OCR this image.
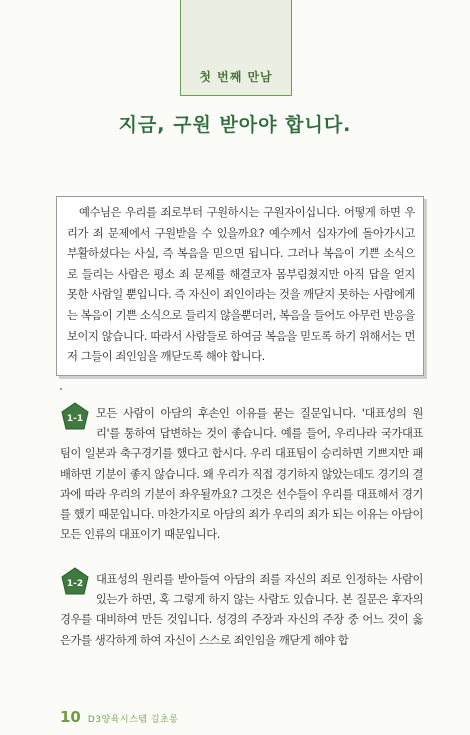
첫 번째 만남
지금, 구원 받아야 합니다.

예수님은 우리를 죄로부터 구원하시는 구원자이십니다. 어떻게 하면 우리가 죄 문제에서 구원받을 수 있을까요? 예수께서 십자가에 돌아가시고 부활하셨다는 사실, 즉 복음을 믿으면 됩니다. 그러나 복음이 기쁜 소식으로 들리는 사람은 평소 죄 문제를 해결코자 몸부림쳤지만 아직 답을 얻지 못한 사람일 뿐입니다. 즉 자신이 죄인이라는 것을 깨닫지 못하는 사람에게는 복음이 기쁜 소식으로 들리지 않을뿐더러, 복음을 들어도 아무런 반응을 보이지 않습니다. 따라서 사람들로 하여금 복음을 믿도록 하기 위해서는 먼저 그들이 죄인임을 깨닫도록 해야 합니다.

1-1	모든 사람이 아담의 후손인 이유를 묻는 질문입니다. '대표성의 원리'를 통하여 답변하는 것이 좋습니다. 예를 들어, 우리나라 국가대표팀이 일본과 축구경기를 했다고 합시다. 우리 대표팀이 승리하면 기쁘지만 패배하면 기분이 좋지 않습니다. 왜 우리가 직접 경기하지 않았는데도 경기의 결과에 따라 우리의 기분이 좌우될까요? 그것은 선수들이 우리를 대표해서 경기를 했기 때문입니다. 마찬가지로 아담의 죄가 우리의 죄가 되는 이유는 아담이 모든 인류의 대표이기 때문입니다.
1-2	대표성의 원리를 받아들여 아담의 죄를 자신의 죄로 인정하는 사람이 있는가 하면, 혹 그렇게 하지 않는 사람도 있습니다. 본 질문은 후자의 경우를 대비하여 만든 것입니다. 성경의 주장과 자신의 주장 중 어느 것이 옳은가를 생각하게 하여 자신이 스스로 죄인임을 깨닫게 해야 합
10 D3양육시스템 길초롱
